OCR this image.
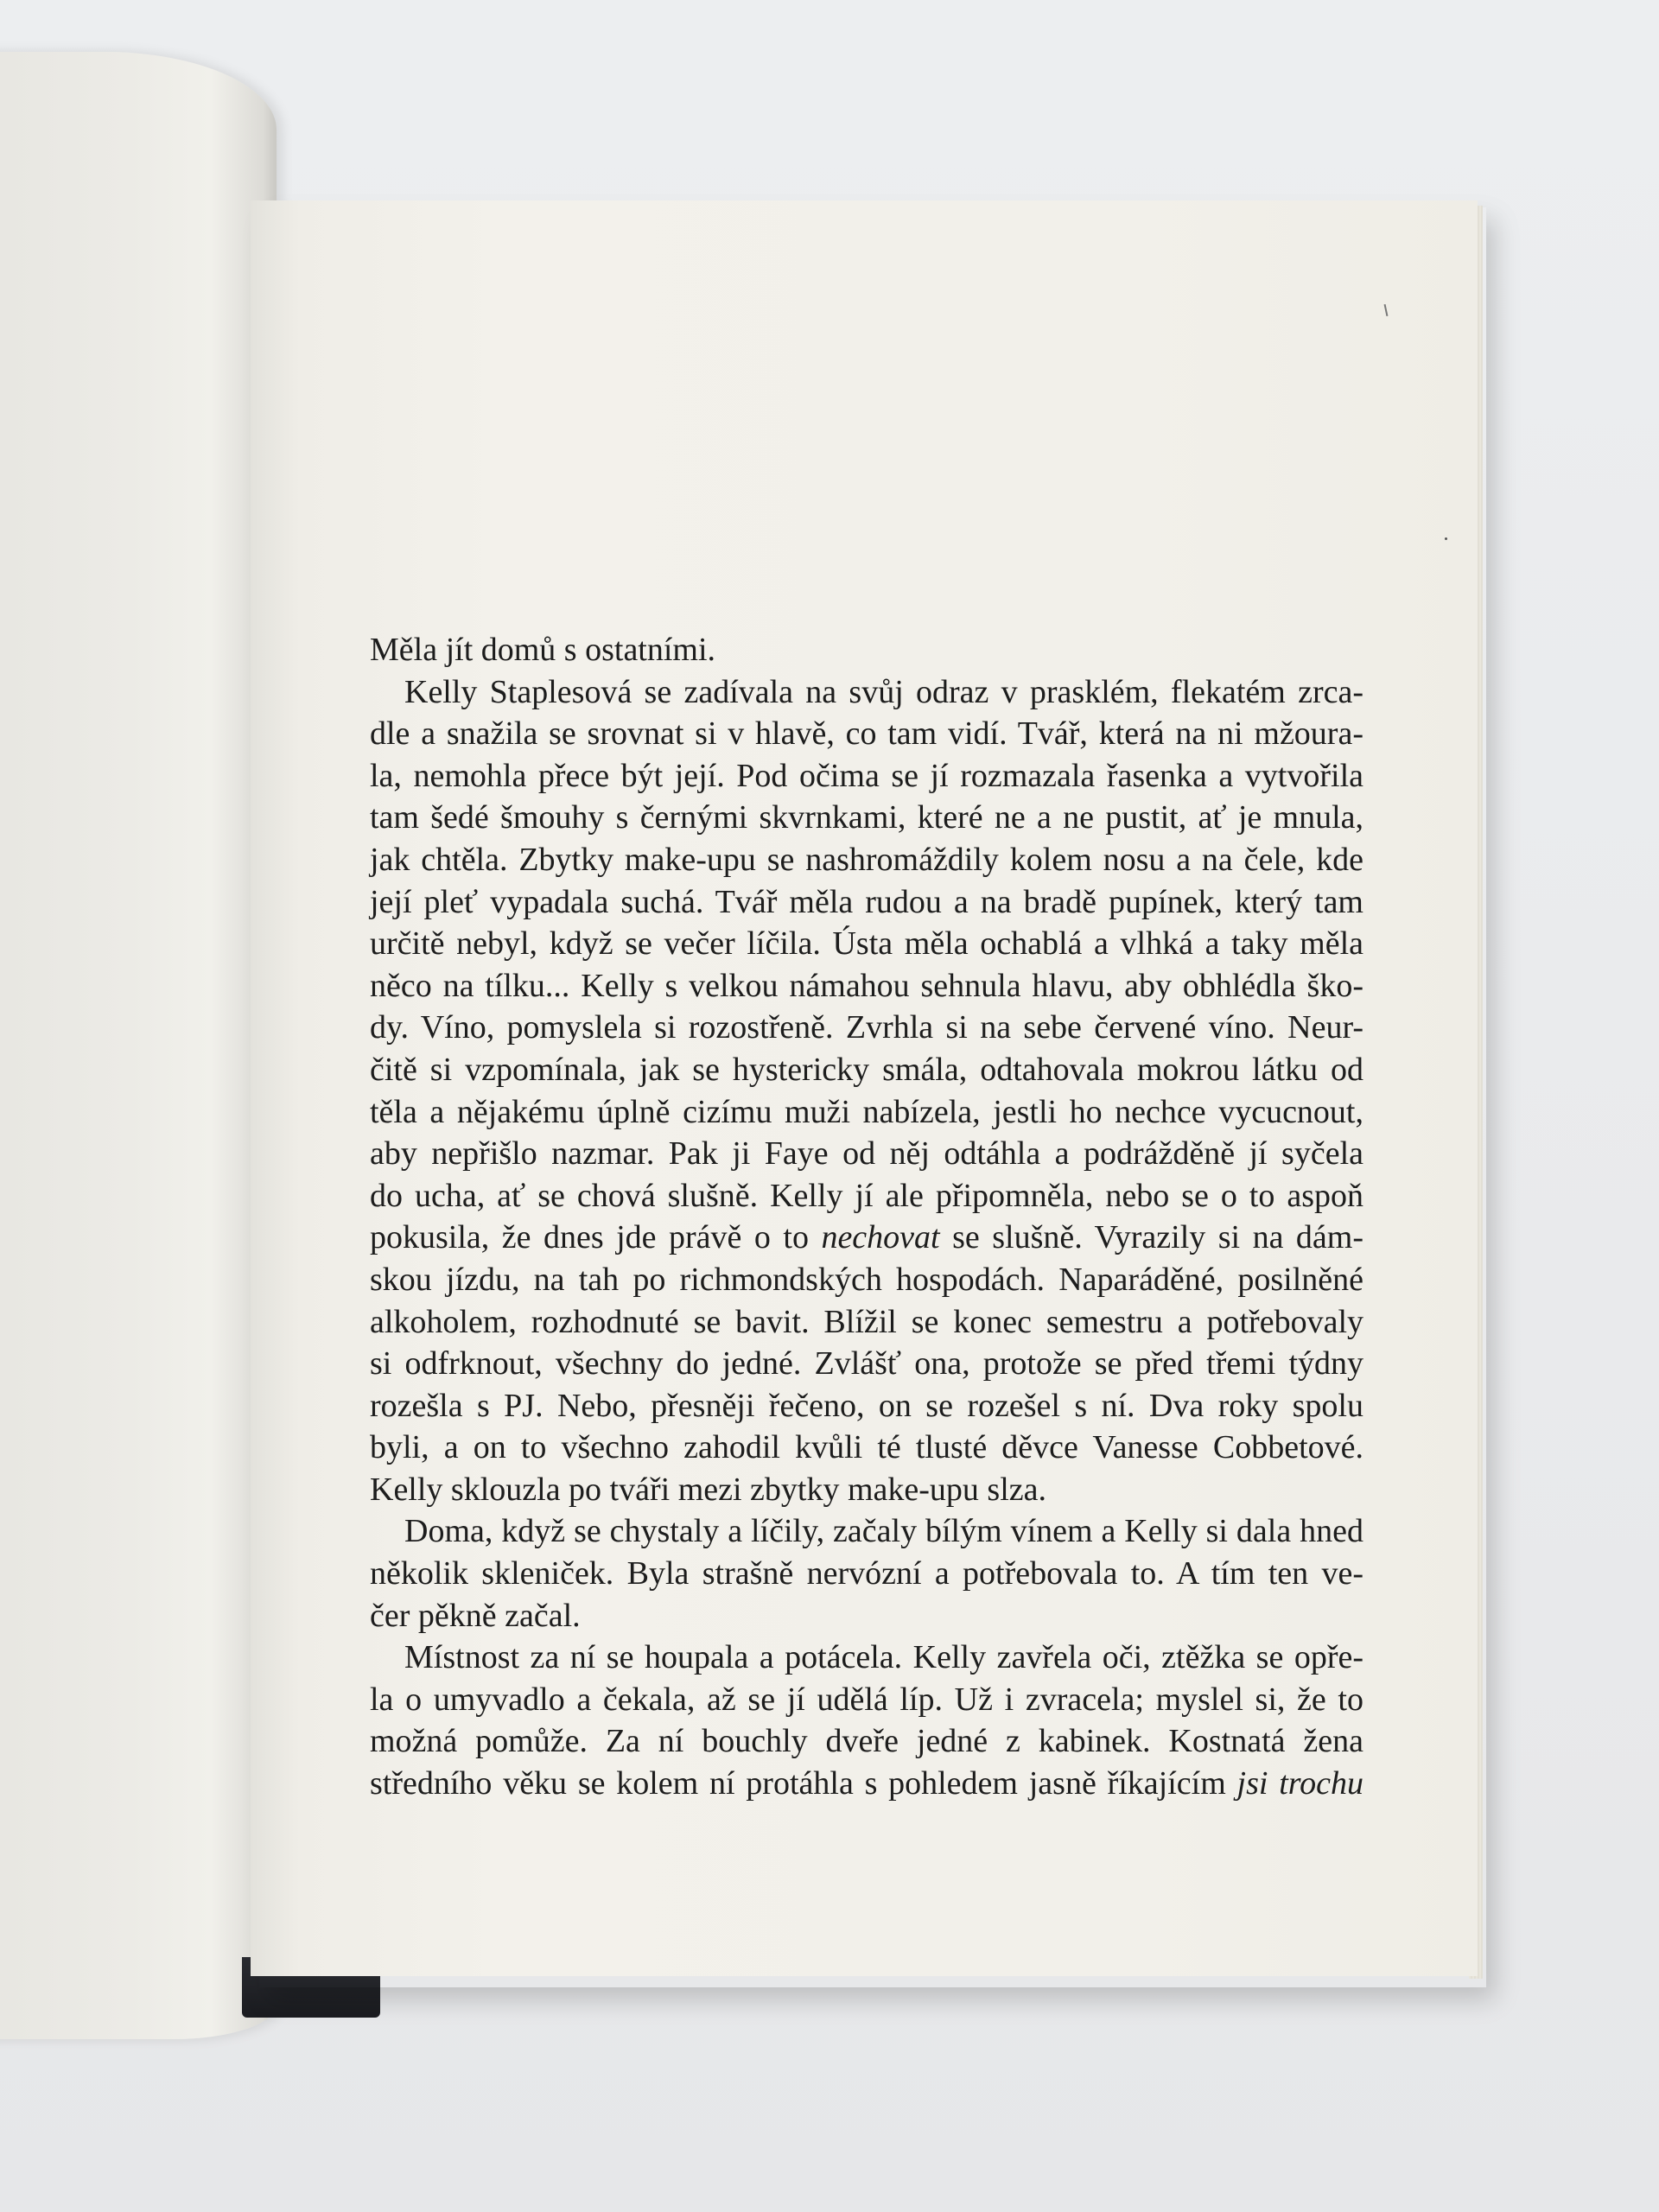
Měla jít domů s ostatními.
Kelly Staplesová se zadívala na svůj odraz v prasklém, flekatém zrca-
dle a snažila se srovnat si v hlavě, co tam vidí. Tvář, která na ni mžoura-
la, nemohla přece být její. Pod očima se jí rozmazala řasenka a vytvořila
tam šedé šmouhy s černými skvrnkami, které ne a ne pustit, ať je mnula,
jak chtěla. Zbytky make-upu se nashromáždily kolem nosu a na čele, kde
její pleť vypadala suchá. Tvář měla rudou a na bradě pupínek, který tam
určitě nebyl, když se večer líčila. Ústa měla ochablá a vlhká a taky měla
něco na tílku... Kelly s velkou námahou sehnula hlavu, aby obhlédla ško-
dy. Víno, pomyslela si rozostřeně. Zvrhla si na sebe červené víno. Neur-
čitě si vzpomínala, jak se hystericky smála, odtahovala mokrou látku od
těla a nějakému úplně cizímu muži nabízela, jestli ho nechce vycucnout,
aby nepřišlo nazmar. Pak ji Faye od něj odtáhla a podrážděně jí syčela
do ucha, ať se chová slušně. Kelly jí ale připomněla, nebo se o to aspoň
pokusila, že dnes jde právě o to nechovat se slušně. Vyrazily si na dám-
skou jízdu, na tah po richmondských hospodách. Naparáděné, posilněné
alkoholem, rozhodnuté se bavit. Blížil se konec semestru a potřebovaly
si odfrknout, všechny do jedné. Zvlášť ona, protože se před třemi týdny
rozešla s PJ. Nebo, přesněji řečeno, on se rozešel s ní. Dva roky spolu
byli, a on to všechno zahodil kvůli té tlusté děvce Vanesse Cobbetové.
Kelly sklouzla po tváři mezi zbytky make-upu slza.
Doma, když se chystaly a líčily, začaly bílým vínem a Kelly si dala hned
několik skleniček. Byla strašně nervózní a potřebovala to. A tím ten ve-
čer pěkně začal.
Místnost za ní se houpala a potácela. Kelly zavřela oči, ztěžka se opře-
la o umyvadlo a čekala, až se jí udělá líp. Už i zvracela; myslel si, že to
možná pomůže. Za ní bouchly dveře jedné z kabinek. Kostnatá žena
středního věku se kolem ní protáhla s pohledem jasně říkajícím jsi trochu
